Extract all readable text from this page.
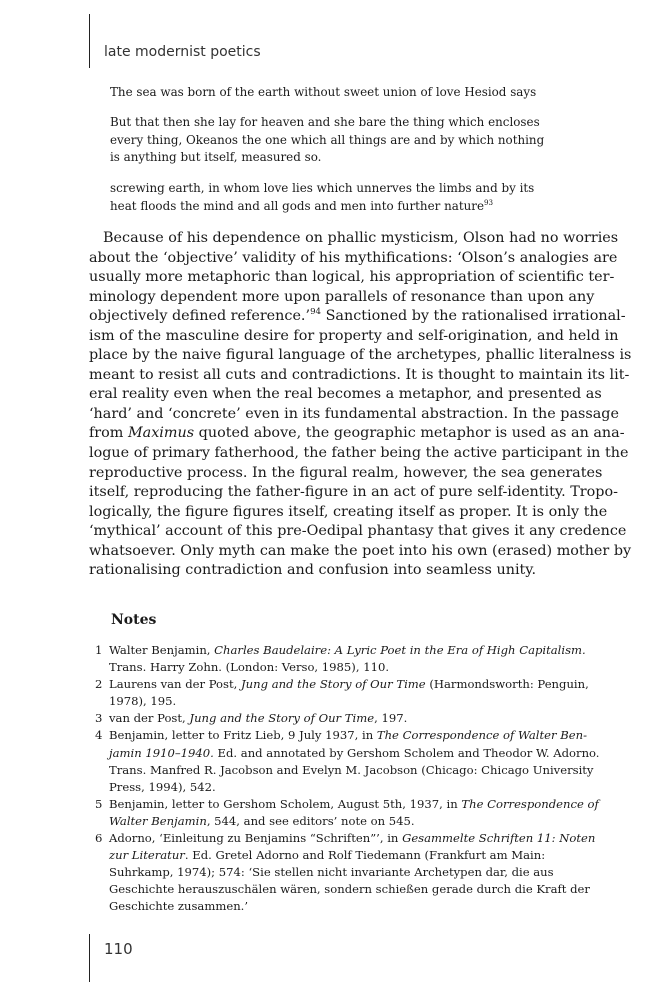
late modernist poetics
The sea was born of the earth without sweet union of love Hesiod says
But that then she lay for heaven and she bare the thing which encloses
every thing, Okeanos the one which all things are and by which nothing
is anything but itself, measured so.
screwing earth, in whom love lies which unnerves the limbs and by its
heat floods the mind and all gods and men into further nature$^{93}$
Because of his dependence on phallic mysticism, Olson had no worries
about the ‘objective’ validity of his mythifications: ‘Olson’s analogies are
usually more metaphoric than logical, his appropriation of scientific ter-
minology dependent more upon parallels of resonance than upon any
objectively defined reference.’$^{94}$ Sanctioned by the rationalised irrational-
ism of the masculine desire for property and self-origination, and held in
place by the naive figural language of the archetypes, phallic literalness is
meant to resist all cuts and contradictions. It is thought to maintain its lit-
eral reality even when the real becomes a metaphor, and presented as
‘hard’ and ‘concrete’ even in its fundamental abstraction. In the passage
from Maximus quoted above, the geographic metaphor is used as an ana-
logue of primary fatherhood, the father being the active participant in the
reproductive process. In the figural realm, however, the sea generates
itself, reproducing the father-figure in an act of pure self-identity. Tropo-
logically, the figure figures itself, creating itself as proper. It is only the
‘mythical’ account of this pre-Oedipal phantasy that gives it any credence
whatsoever. Only myth can make the poet into his own (erased) mother by
rationalising contradiction and confusion into seamless unity.
Notes
1 Walter Benjamin, Charles Baudelaire: A Lyric Poet in the Era of High Capitalism.
Trans. Harry Zohn. (London: Verso, 1985), 110.
2 Laurens van der Post, Jung and the Story of Our Time (Harmondsworth: Penguin,
1978), 195.
3 van der Post, Jung and the Story of Our Time, 197.
4 Benjamin, letter to Fritz Lieb, 9 July 1937, in The Correspondence of Walter Ben-
jamin 1910–1940. Ed. and annotated by Gershom Scholem and Theodor W. Adorno.
Trans. Manfred R. Jacobson and Evelyn M. Jacobson (Chicago: Chicago University
Press, 1994), 542.
5 Benjamin, letter to Gershom Scholem, August 5th, 1937, in The Correspondence of
Walter Benjamin, 544, and see editors’ note on 545.
6 Adorno, ‘Einleitung zu Benjamins “Schriften”’, in Gesammelte Schriften 11: Noten
zur Literatur. Ed. Gretel Adorno and Rolf Tiedemann (Frankfurt am Main:
Suhrkamp, 1974); 574: ‘Sie stellen nicht invariante Archetypen dar, die aus
Geschichte herauszuschälen wären, sondern schießen gerade durch die Kraft der
Geschichte zusammen.’
110
